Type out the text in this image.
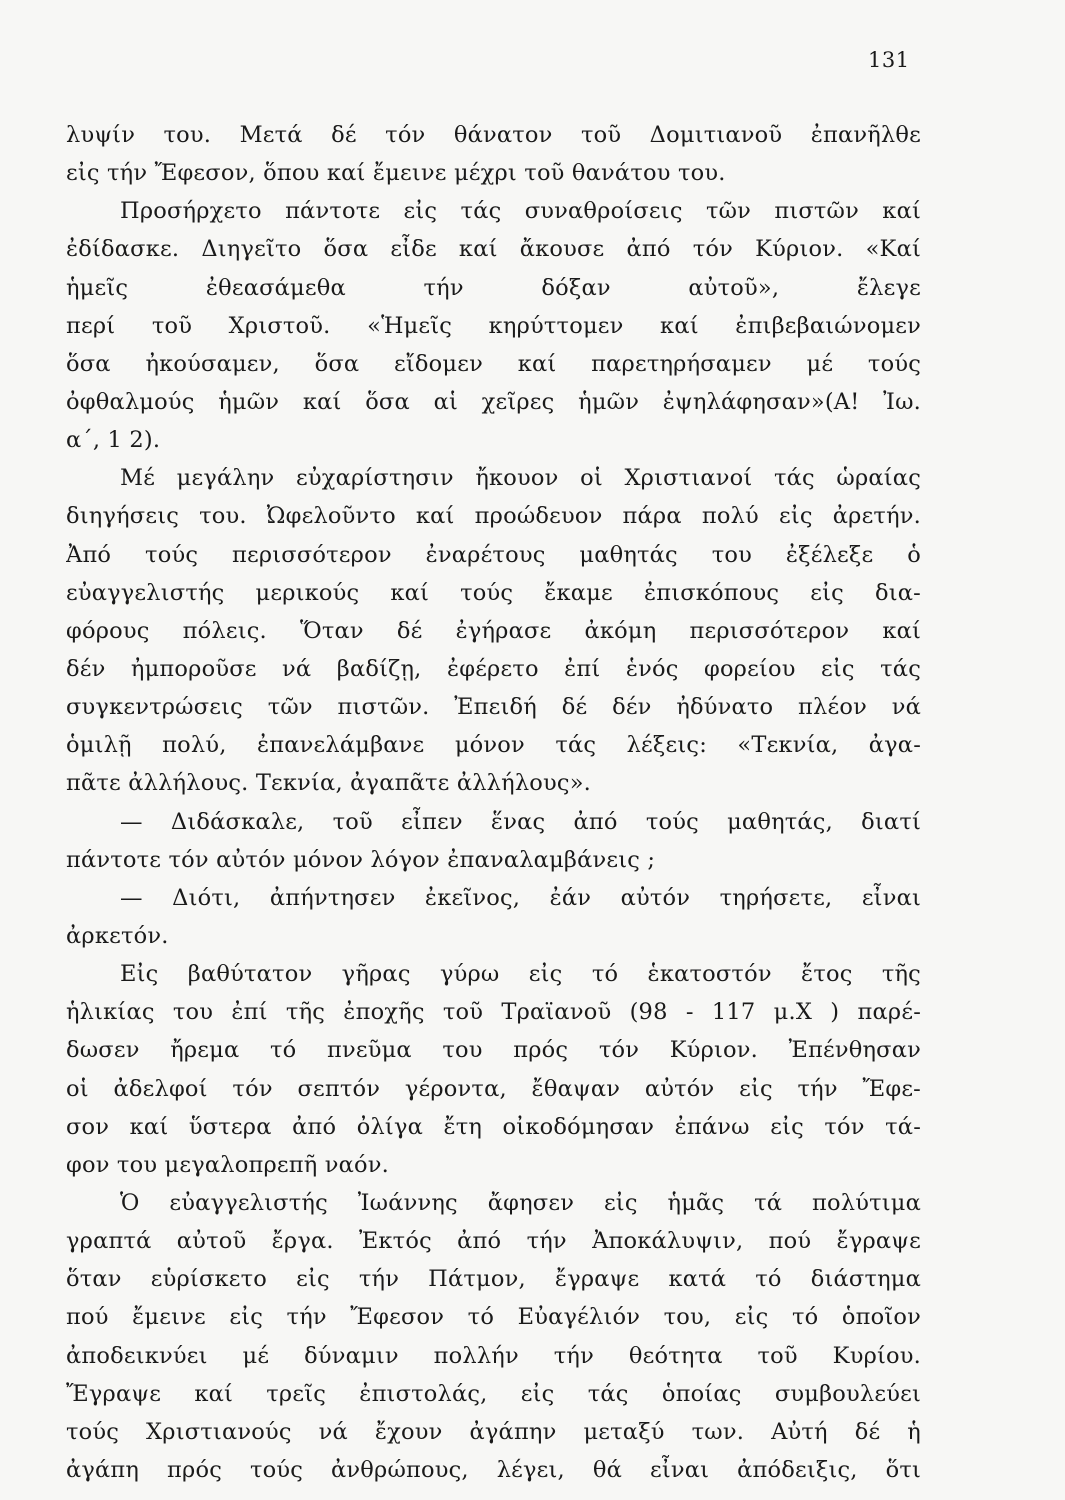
131
λυψίν του. Μετά δέ τόν θάνατον τοῦ Δομιτιανοῦ ἐπανῆλθε
εἰς τήν Ἔφεσον, ὅπου καί ἔμεινε μέχρι τοῦ θανάτου του.
Προσήρχετο πάντοτε εἰς τάς συναθροίσεις τῶν πιστῶν καί
ἐδίδασκε. Διηγεῖτο ὅσα εἶδε καί ἄκουσε ἀπό τόν Κύριον. «Καί
ἡμεῖς ἐθεασάμεθα τήν δόξαν αὐτοῦ», ἔλεγε
περί τοῦ Χριστοῦ. «Ἡμεῖς κηρύττομεν καί ἐπιβεβαιώνομεν
ὅσα ἠκούσαμεν, ὅσα εἴδομεν καί παρετηρήσαμεν μέ τούς
ὀφθαλμούς ἡμῶν καί ὅσα αἱ χεῖρες ἡμῶν ἐψηλάφησαν»(Α! Ἰω.
α΄, 1 2).
Μέ μεγάλην εὐχαρίστησιν ἤκουον οἱ Χριστιανοί τάς ὡραίας
διηγήσεις του. Ὠφελοῦντο καί προώδευον πάρα πολύ εἰς ἀρετήν.
Ἀπό τούς περισσότερον ἐναρέτους μαθητάς του ἐξέλεξε ὁ
εὐαγγελιστής μερικούς καί τούς ἔκαμε ἐπισκόπους εἰς δια-
φόρους πόλεις. Ὅταν δέ ἐγήρασε ἀκόμη περισσότερον καί
δέν ἠμποροῦσε νά βαδίζῃ, ἐφέρετο ἐπί ἑνός φορείου εἰς τάς
συγκεντρώσεις τῶν πιστῶν. Ἐπειδή δέ δέν ἠδύνατο πλέον νά
ὁμιλῇ πολύ, ἐπανελάμβανε μόνον τάς λέξεις: «Τεκνία, ἀγα-
πᾶτε ἀλλήλους. Τεκνία, ἀγαπᾶτε ἀλλήλους».
— Διδάσκαλε, τοῦ εἶπεν ἕνας ἀπό τούς μαθητάς, διατί
πάντοτε τόν αὐτόν μόνον λόγον ἐπαναλαμβάνεις ;
— Διότι, ἀπήντησεν ἐκεῖνος, ἐάν αὐτόν τηρήσετε, εἶναι
ἀρκετόν.
Εἰς βαθύτατον γῆρας γύρω εἰς τό ἑκατοστόν ἔτος τῆς
ἡλικίας του ἐπί τῆς ἐποχῆς τοῦ Τραϊανοῦ (98 - 117 μ.Χ ) παρέ-
δωσεν ἤρεμα τό πνεῦμα του πρός τόν Κύριον. Ἐπένθησαν
οἱ ἀδελφοί τόν σεπτόν γέροντα, ἔθαψαν αὐτόν εἰς τήν Ἔφε-
σον καί ὕστερα ἀπό ὀλίγα ἔτη οἰκοδόμησαν ἐπάνω εἰς τόν τά-
φον του μεγαλοπρεπῆ ναόν.
Ὁ εὐαγγελιστής Ἰωάννης ἄφησεν εἰς ἡμᾶς τά πολύτιμα
γραπτά αὐτοῦ ἔργα. Ἐκτός ἀπό τήν Ἀποκάλυψιν, πού ἔγραψε
ὅταν εὑρίσκετο εἰς τήν Πάτμον, ἔγραψε κατά τό διάστημα
πού ἔμεινε εἰς τήν Ἔφεσον τό Εὐαγέλιόν του, εἰς τό ὁποῖον
ἀποδεικνύει μέ δύναμιν πολλήν τήν θεότητα τοῦ Κυρίου.
Ἔγραψε καί τρεῖς ἐπιστολάς, εἰς τάς ὁποίας συμβουλεύει
τούς Χριστιανούς νά ἔχουν ἀγάπην μεταξύ των. Αὐτή δέ ἡ
ἀγάπη πρός τούς ἀνθρώπους, λέγει, θά εἶναι ἀπόδειξις, ὅτι
